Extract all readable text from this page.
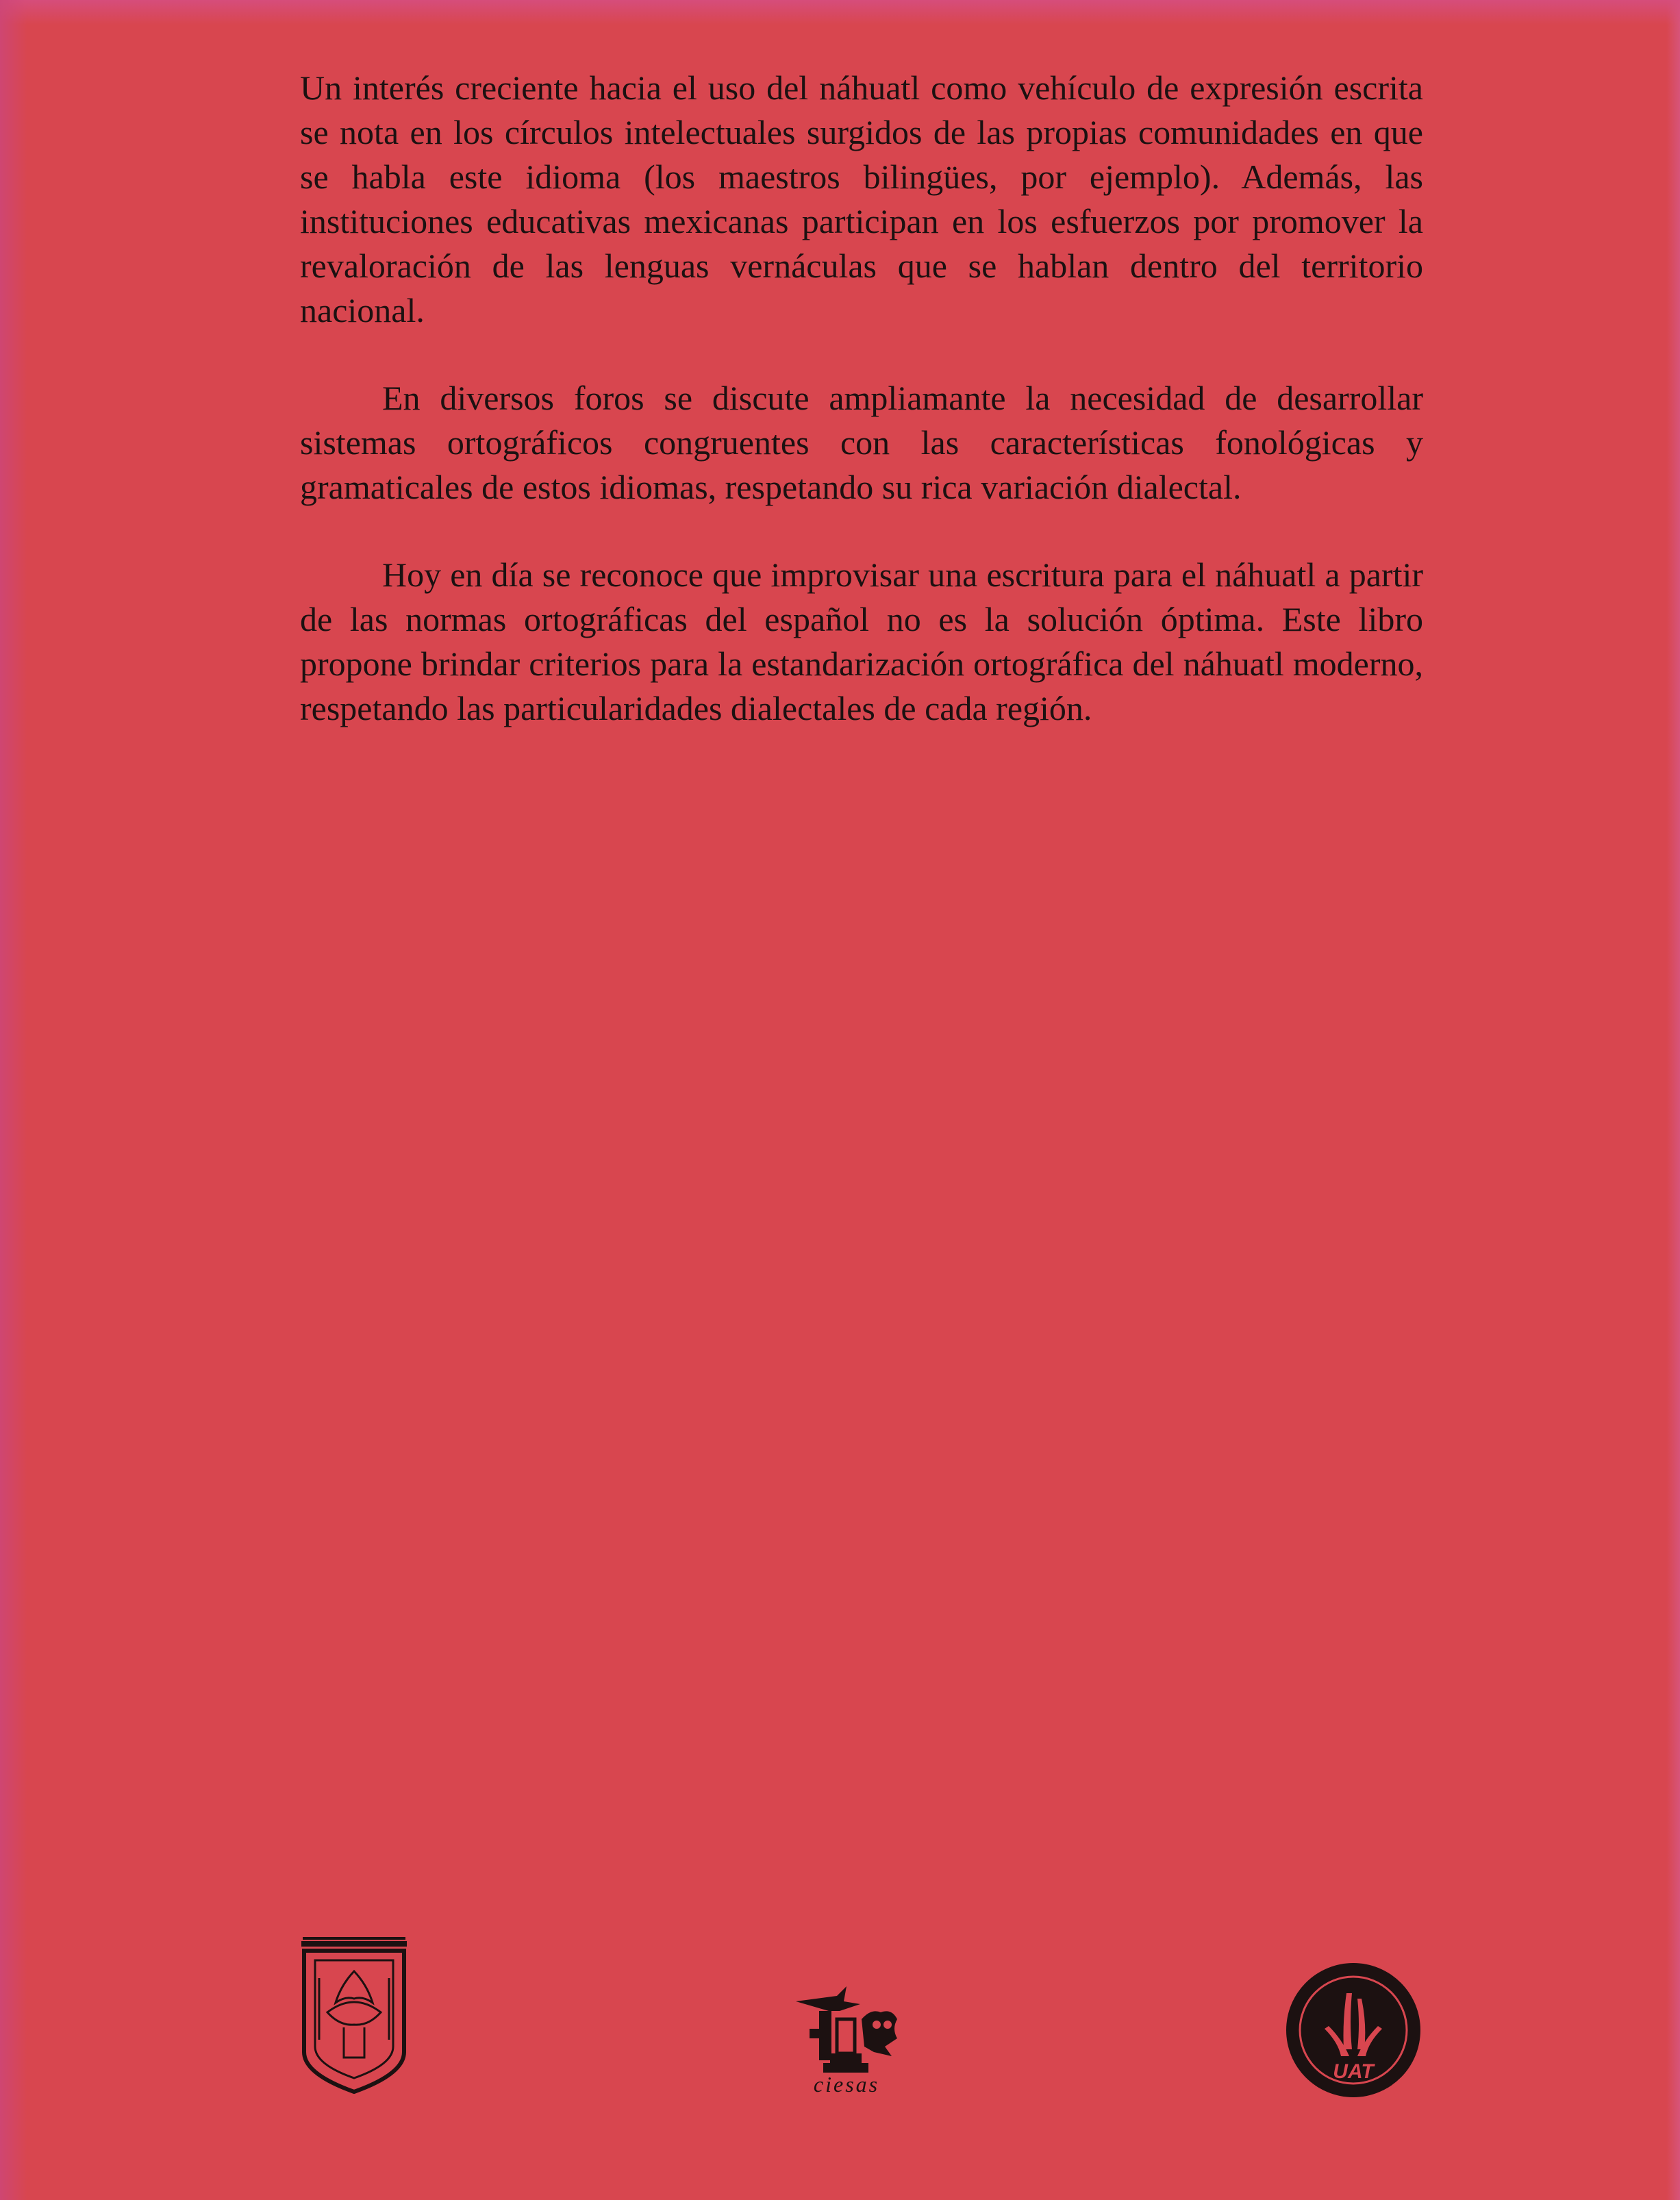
Un interés creciente hacia el uso del náhuatl como vehículo de expresión escrita se nota en los círculos intelectuales surgidos de las propias comunidades en que se habla este idioma (los maestros bilingües, por ejemplo). Además, las instituciones educativas mexicanas participan en los esfuerzos por promover la revaloración de las lenguas vernáculas que se hablan dentro del territorio nacional.

En diversos foros se discute ampliamante la necesidad de desarrollar sistemas ortográficos congruentes con las características fonológicas y gramaticales de estos idiomas, respetando su rica variación dialectal.

Hoy en día se reconoce que improvisar una escritura para el náhuatl a partir de las normas ortográficas del español no es la solución óptima. Este libro propone brindar criterios para la estandarización ortográfica del náhuatl moderno, respetando las particularidades dialectales de cada región.

ciesas
UAT
